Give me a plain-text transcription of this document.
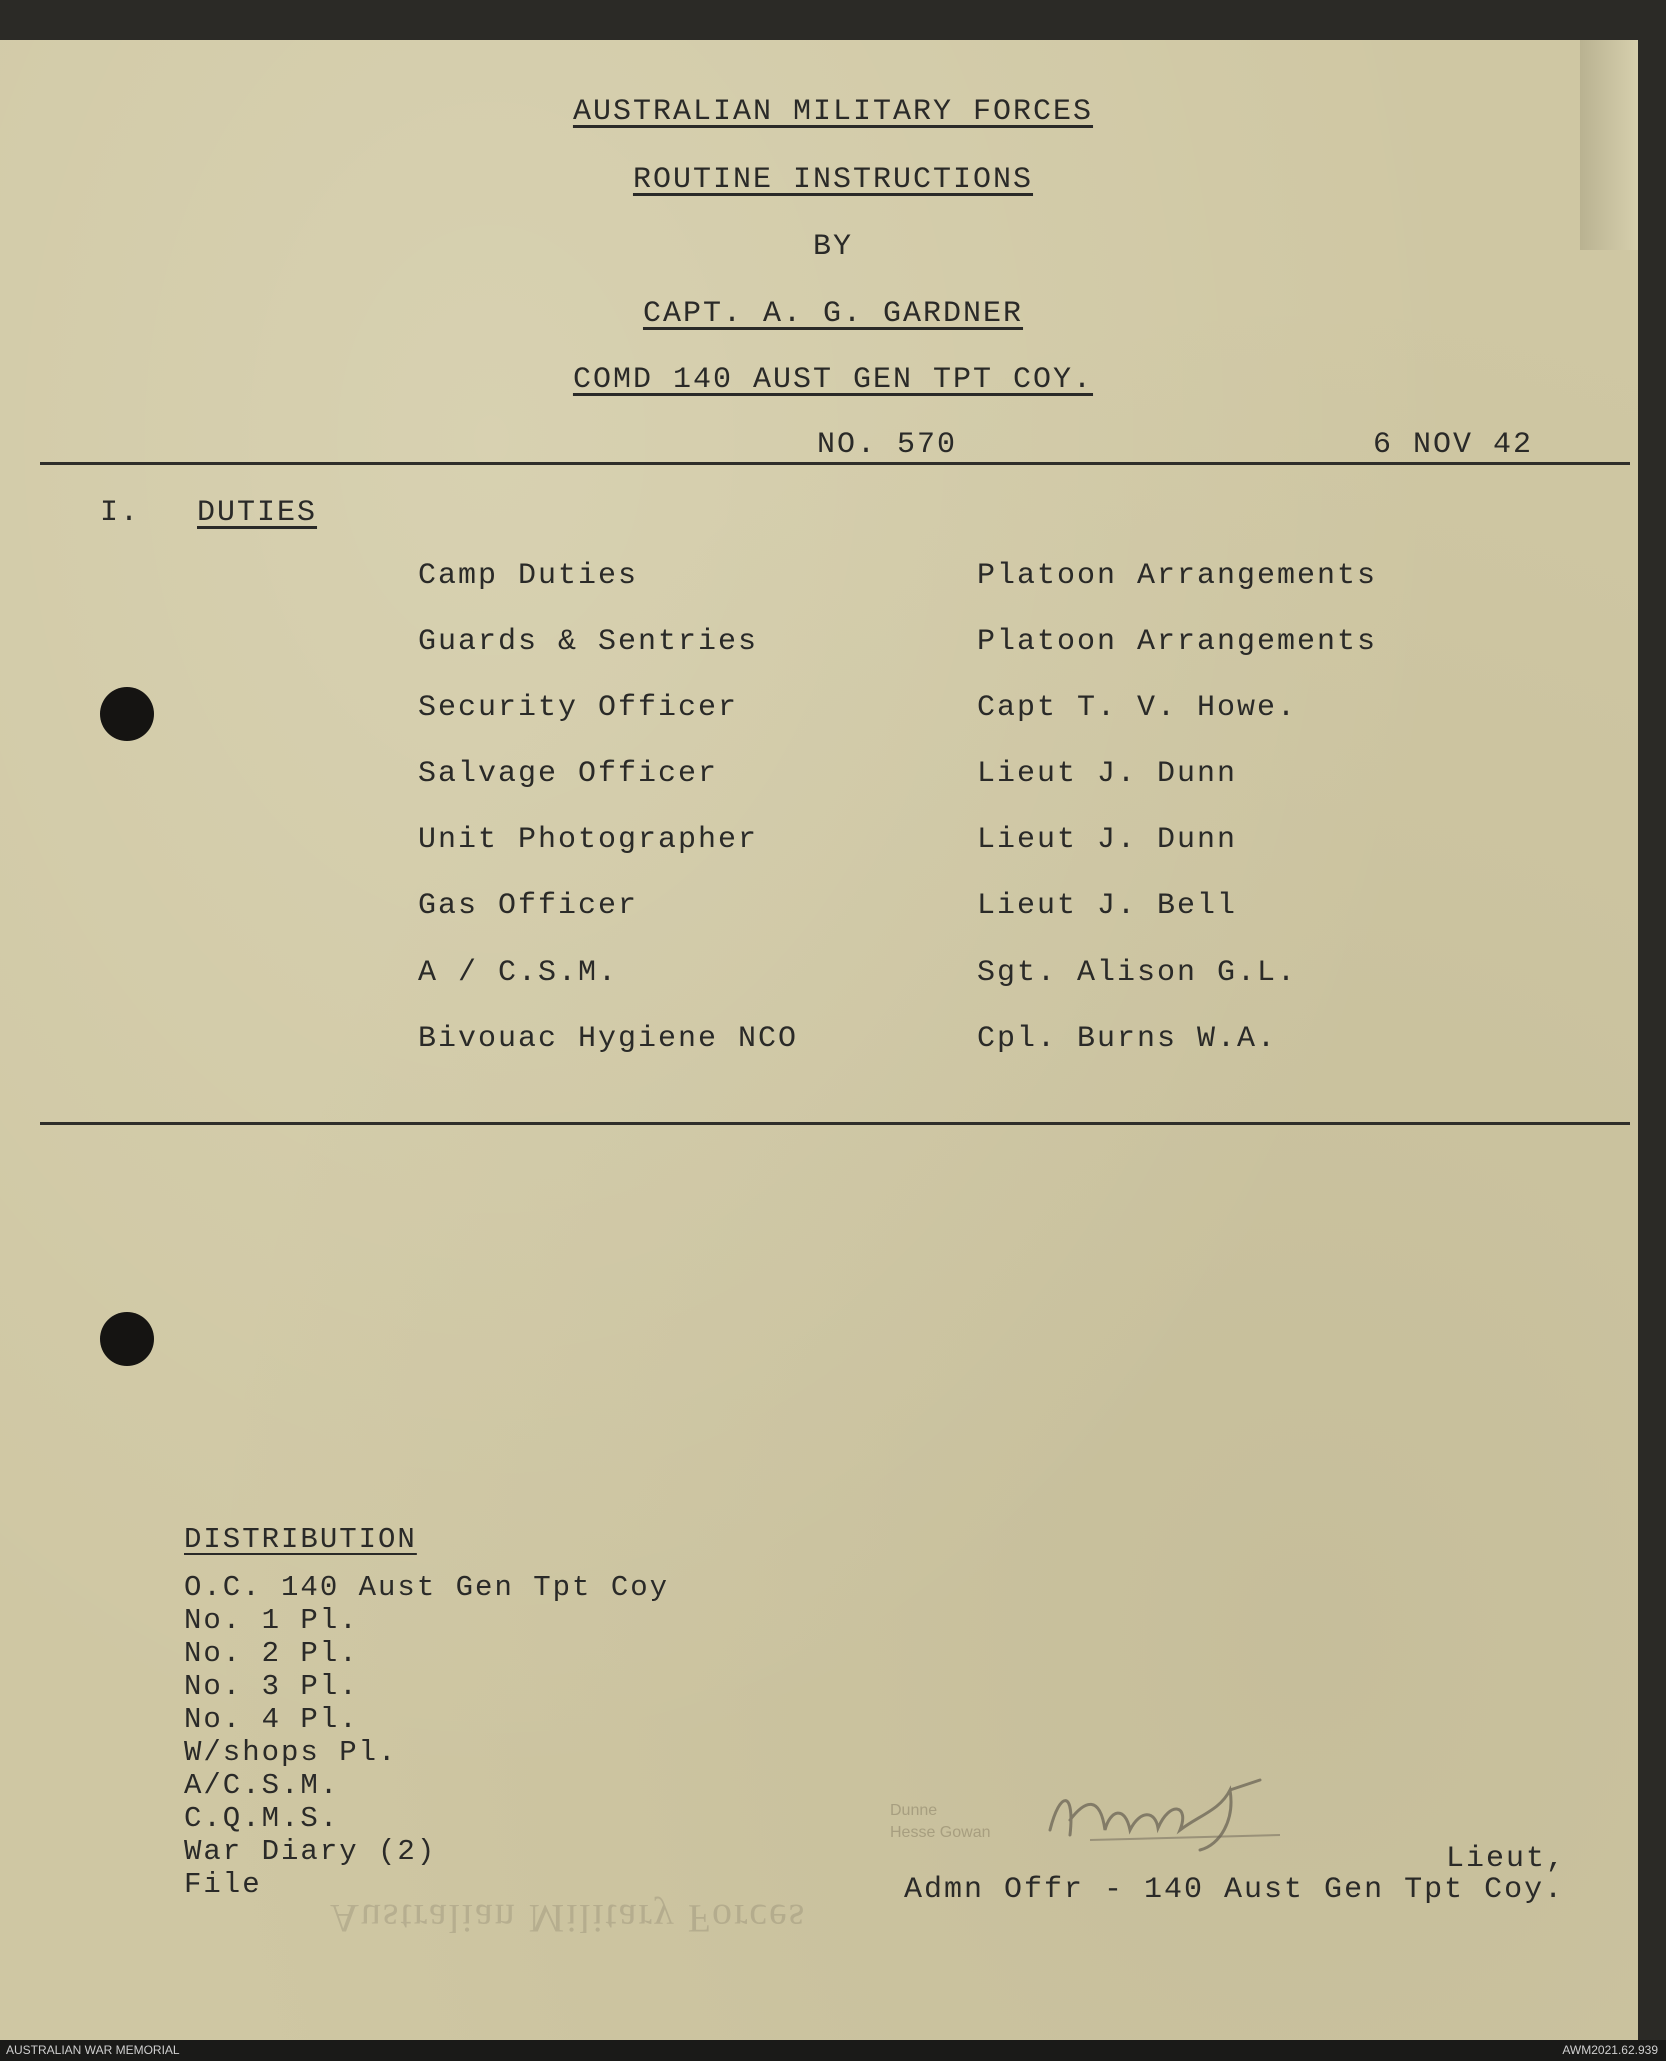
AUSTRALIAN MILITARY FORCES
ROUTINE INSTRUCTIONS
BY
CAPT. A. G. GARDNER
COMD 140 AUST GEN TPT COY.
NO. 570	6 NOV 42
I. DUTIES
Camp Duties	Platoon Arrangements
Guards & Sentries	Platoon Arrangements
Security Officer	Capt T. V. Howe.
Salvage Officer	Lieut J. Dunn
Unit Photographer	Lieut J. Dunn
Gas Officer	Lieut J. Bell
A / C.S.M.	Sgt. Alison G.L.
Bivouac Hygiene NCO	Cpl. Burns W.A.
DISTRIBUTION
O.C. 140 Aust Gen Tpt Coy
No. 1 Pl.
No. 2 Pl.
No. 3 Pl.
No. 4 Pl.
W/shops Pl.
A/C.S.M.
C.Q.M.S.
War Diary (2)
File
Dunne
Hesse Gowan
Lieut,
Admn Offr - 140 Aust Gen Tpt Coy.
Australian Military Forces
AUSTRALIAN WAR MEMORIAL	AWM2021.62.939
